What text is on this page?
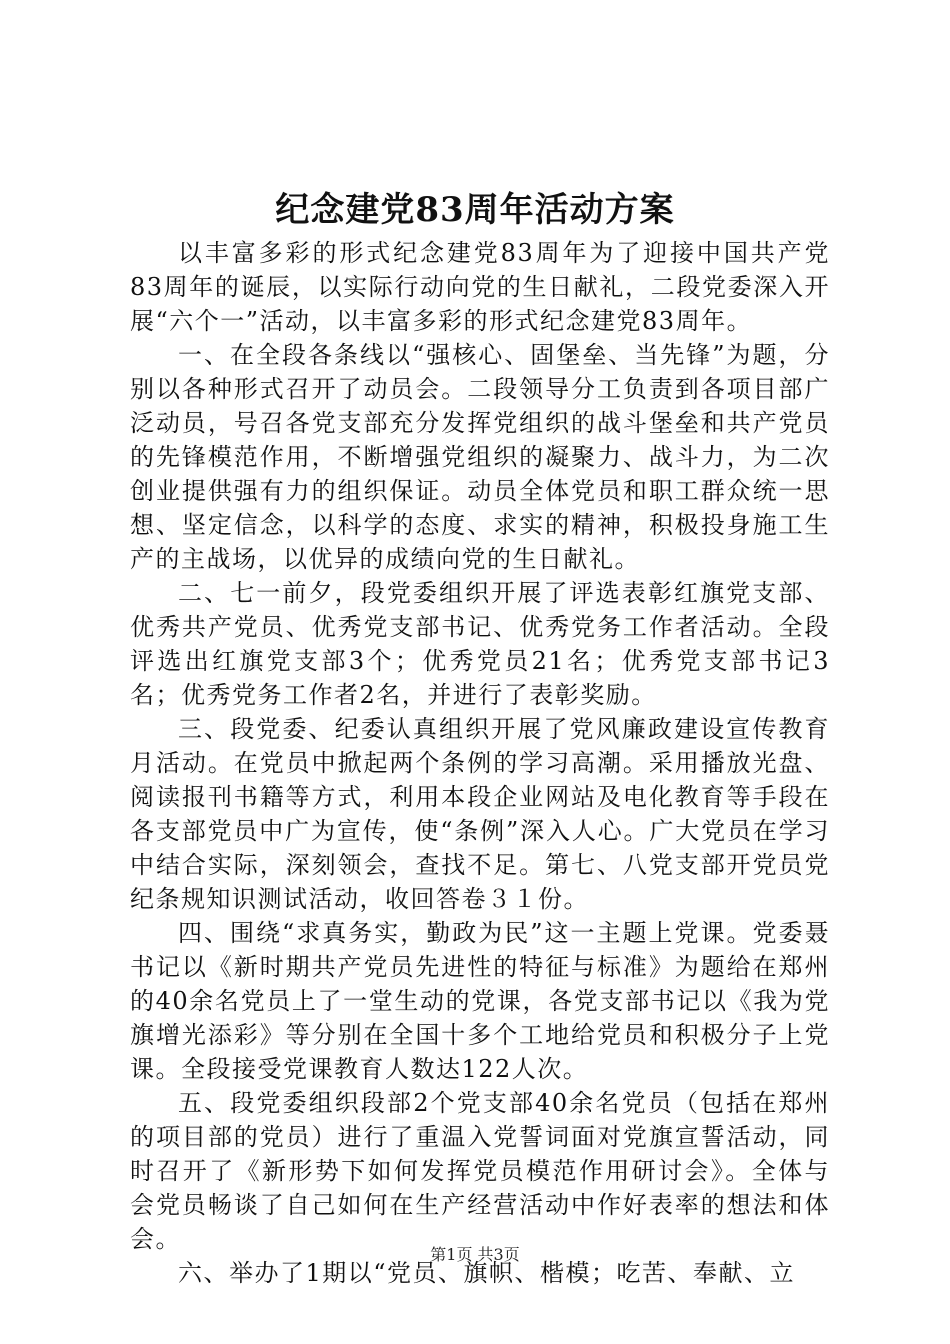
纪念建党83周年活动方案

以丰富多彩的形式纪念建党83周年为了迎接中国共产党83周年的诞辰，以实际行动向党的生日献礼，二段党委深入开展“六个一”活动，以丰富多彩的形式纪念建党83周年。

一、在全段各条线以“强核心、固堡垒、当先锋”为题，分别以各种形式召开了动员会。二段领导分工负责到各项目部广泛动员，号召各党支部充分发挥党组织的战斗堡垒和共产党员的先锋模范作用，不断增强党组织的凝聚力、战斗力，为二次创业提供强有力的组织保证。动员全体党员和职工群众统一思想、坚定信念，以科学的态度、求实的精神，积极投身施工生产的主战场，以优异的成绩向党的生日献礼。

二、七一前夕，段党委组织开展了评选表彰红旗党支部、优秀共产党员、优秀党支部书记、优秀党务工作者活动。全段评选出红旗党支部3个；优秀党员21名；优秀党支部书记3名；优秀党务工作者2名，并进行了表彰奖励。

三、段党委、纪委认真组织开展了党风廉政建设宣传教育月活动。在党员中掀起两个条例的学习高潮。采用播放光盘、阅读报刊书籍等方式，利用本段企业网站及电化教育等手段在各支部党员中广为宣传，使“条例”深入人心。广大党员在学习中结合实际，深刻领会，查找不足。第七、八党支部开党员党纪条规知识测试活动，收回答卷３１份。

四、围绕“求真务实，勤政为民”这一主题上党课。党委聂书记以《新时期共产党员先进性的特征与标准》为题给在郑州的40余名党员上了一堂生动的党课，各党支部书记以《我为党旗增光添彩》等分别在全国十多个工地给党员和积极分子上党课。全段接受党课教育人数达122人次。

五、段党委组织段部2个党支部40余名党员（包括在郑州的项目部的党员）进行了重温入党誓词面对党旗宣誓活动，同时召开了《新形势下如何发挥党员模范作用研讨会》。全体与会党员畅谈了自己如何在生产经营活动中作好表率的想法和体会。

六、举办了1期以“党员、旗帜、楷模；吃苦、奉献、立

第1页 共3页
